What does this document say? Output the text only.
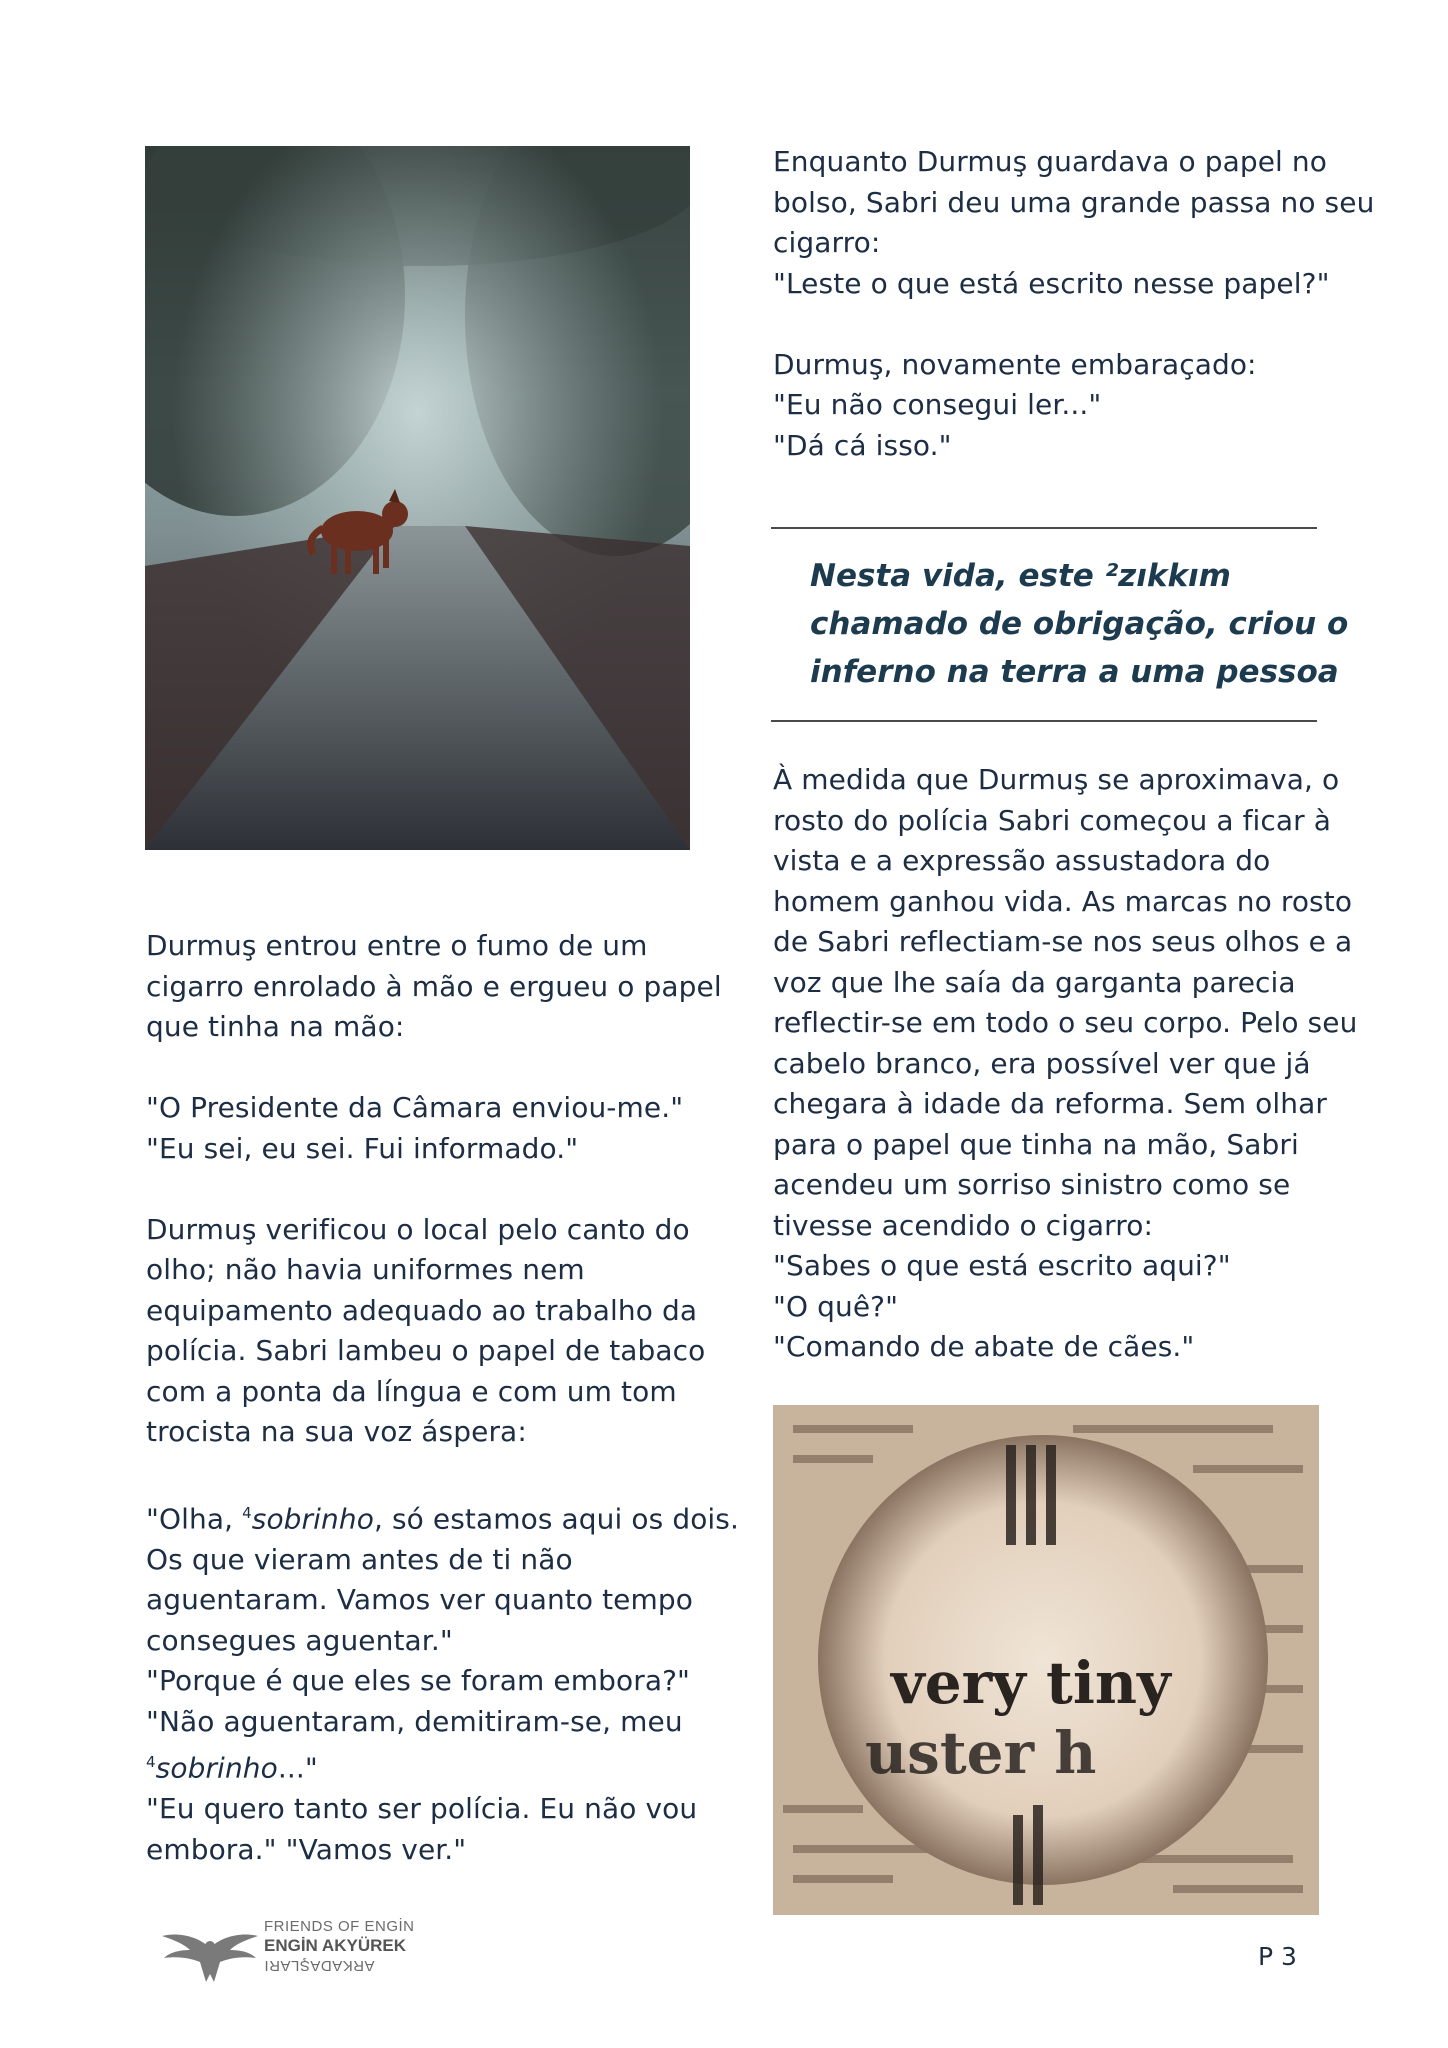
Durmuş entrou entre o fumo de um

cigarro enrolado à mão e ergueu o papel

que tinha na mão:

"O Presidente da Câmara enviou-me."

"Eu sei, eu sei. Fui informado."

Durmuş verificou o local pelo canto do

olho; não havia uniformes nem

equipamento adequado ao trabalho da

polícia. Sabri lambeu o papel de tabaco

com a ponta da língua e com um tom

trocista na sua voz áspera:

"Olha, $^4$sobrinho, só estamos aqui os dois.

Os que vieram antes de ti não

aguentaram. Vamos ver quanto tempo

consegues aguentar."

"Porque é que eles se foram embora?"

"Não aguentaram, demitiram-se, meu

$^4$sobrinho..."

"Eu quero tanto ser polícia. Eu não vou

embora." "Vamos ver."

Enquanto Durmuş guardava o papel no

bolso, Sabri deu uma grande passa no seu

cigarro:

"Leste o que está escrito nesse papel?"

Durmuş, novamente embaraçado:

"Eu não consegui ler..."

"Dá cá isso."

Nesta vida, este ²zıkkım

chamado de obrigação, criou o

inferno na terra a uma pessoa

À medida que Durmuş se aproximava, o

rosto do polícia Sabri começou a ficar à

vista e a expressão assustadora do

homem ganhou vida. As marcas no rosto

de Sabri reflectiam-se nos seus olhos e a

voz que lhe saía da garganta parecia

reflectir-se em todo o seu corpo. Pelo seu

cabelo branco, era possível ver que já

chegara à idade da reforma. Sem olhar

para o papel que tinha na mão, Sabri

acendeu um sorriso sinistro como se

tivesse acendido o cigarro:

"Sabes o que está escrito aqui?"

"O quê?"

"Comando de abate de cães."

very tiny
uster h
FRIENDS OF ENGİN
ENGİN AKYÜREK
ARKADAŞLARI	P 3
